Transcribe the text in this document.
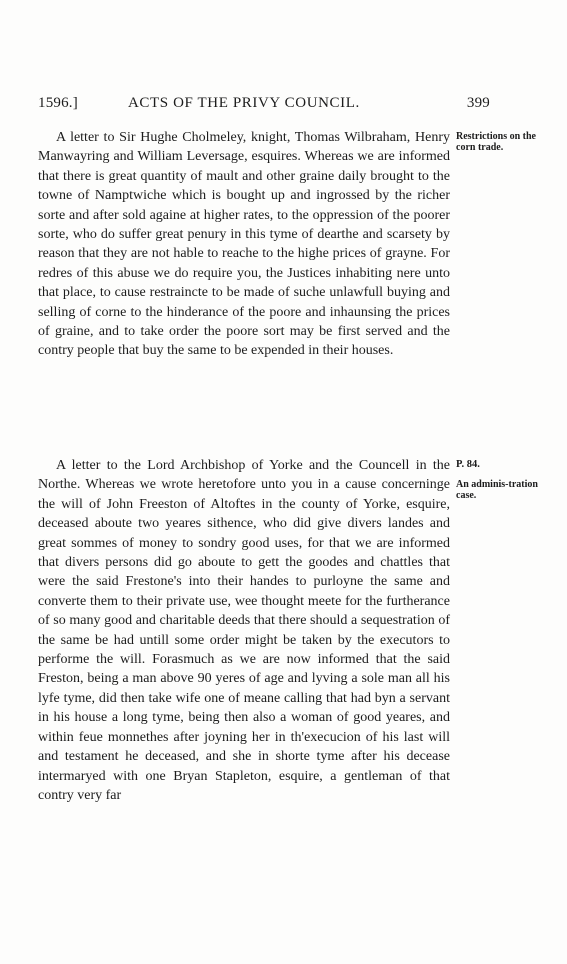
1596.]	ACTS OF THE PRIVY COUNCIL.	399

A letter to Sir Hughe Cholmeley, knight, Thomas Wilbraham, Henry Manwayring and William Leversage, esquires. Whereas we are informed that there is great quantity of mault and other graine daily brought to the towne of Namptwiche which is bought up and ingrossed by the richer sorte and after sold againe at higher rates, to the oppression of the poorer sorte, who do suffer great penury in this tyme of dearthe and scarsety by reason that they are not hable to reache to the highe prices of grayne. For redres of this abuse we do require you, the Justices inhabiting nere unto that place, to cause restraincte to be made of suche unlawfull buying and selling of corne to the hinderance of the poore and inhaunsing the prices of graine, and to take order the poore sort may be first served and the contry people that buy the same to be expended in their houses.

Restrictions on the corn trade.

A letter to the Lord Archbishop of Yorke and the Councell in the Northe. Whereas we wrote heretofore unto you in a cause concerninge the will of John Freeston of Altoftes in the county of Yorke, esquire, deceased aboute two yeares sithence, who did give divers landes and great sommes of money to sondry good uses, for that we are informed that divers persons did go aboute to gett the goodes and chattles that were the said Frestone's into their handes to purloyne the same and converte them to their private use, wee thought meete for the furtherance of so many good and charitable deeds that there should a sequestration of the same be had untill some order might be taken by the executors to performe the will. Forasmuch as we are now informed that the said Freston, being a man above 90 yeres of age and lyving a sole man all his lyfe tyme, did then take wife one of meane calling that had byn a servant in his house a long tyme, being then also a woman of good yeares, and within feue monnethes after joyning her in th'execucion of his last will and testament he deceased, and she in shorte tyme after his decease intermaryed with one Bryan Stapleton, esquire, a gentleman of that contry very far

P. 84.
An adminis-tration case.
